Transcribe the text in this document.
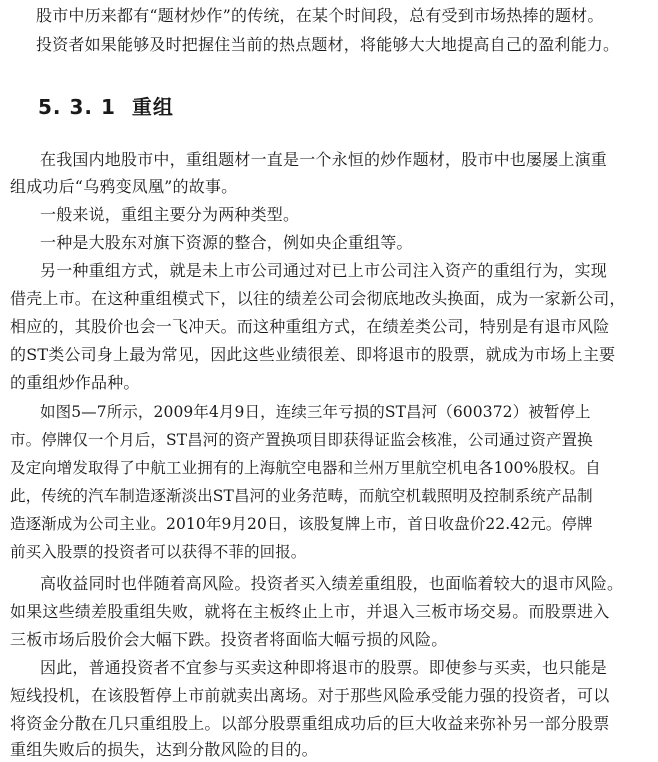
股市中历来都有“题材炒作”的传统，在某个时间段，总有受到市场热捧的题材。
投资者如果能够及时把握住当前的热点题材，将能够大大地提高自己的盈利能力。
5. 3. 1 重组
在我国内地股市中，重组题材一直是一个永恒的炒作题材，股市中也屡屡上演重
组成功后“乌鸦变凤凰”的故事。
一般来说，重组主要分为两种类型。
一种是大股东对旗下资源的整合，例如央企重组等。
另一种重组方式，就是未上市公司通过对已上市公司注入资产的重组行为，实现
借壳上市。在这种重组模式下，以往的绩差公司会彻底地改头换面，成为一家新公司，
相应的，其股价也会一飞冲天。而这种重组方式，在绩差类公司，特别是有退市风险
的ST类公司身上最为常见，因此这些业绩很差、即将退市的股票，就成为市场上主要
的重组炒作品种。
如图5—7所示，2009年4月9日，连续三年亏损的ST昌河（600372）被暂停上
市。停牌仅一个月后，ST昌河的资产置换项目即获得证监会核准，公司通过资产置换
及定向增发取得了中航工业拥有的上海航空电器和兰州万里航空机电各100%股权。自
此，传统的汽车制造逐渐淡出ST昌河的业务范畴，而航空机载照明及控制系统产品制
造逐渐成为公司主业。2010年9月20日，该股复牌上市，首日收盘价22.42元。停牌
前买入股票的投资者可以获得不菲的回报。
高收益同时也伴随着高风险。投资者买入绩差重组股，也面临着较大的退市风险。
如果这些绩差股重组失败，就将在主板终止上市，并退入三板市场交易。而股票进入
三板市场后股价会大幅下跌。投资者将面临大幅亏损的风险。
因此，普通投资者不宜参与买卖这种即将退市的股票。即使参与买卖，也只能是
短线投机，在该股暂停上市前就卖出离场。对于那些风险承受能力强的投资者，可以
将资金分散在几只重组股上。以部分股票重组成功后的巨大收益来弥补另一部分股票
重组失败后的损失，达到分散风险的目的。
